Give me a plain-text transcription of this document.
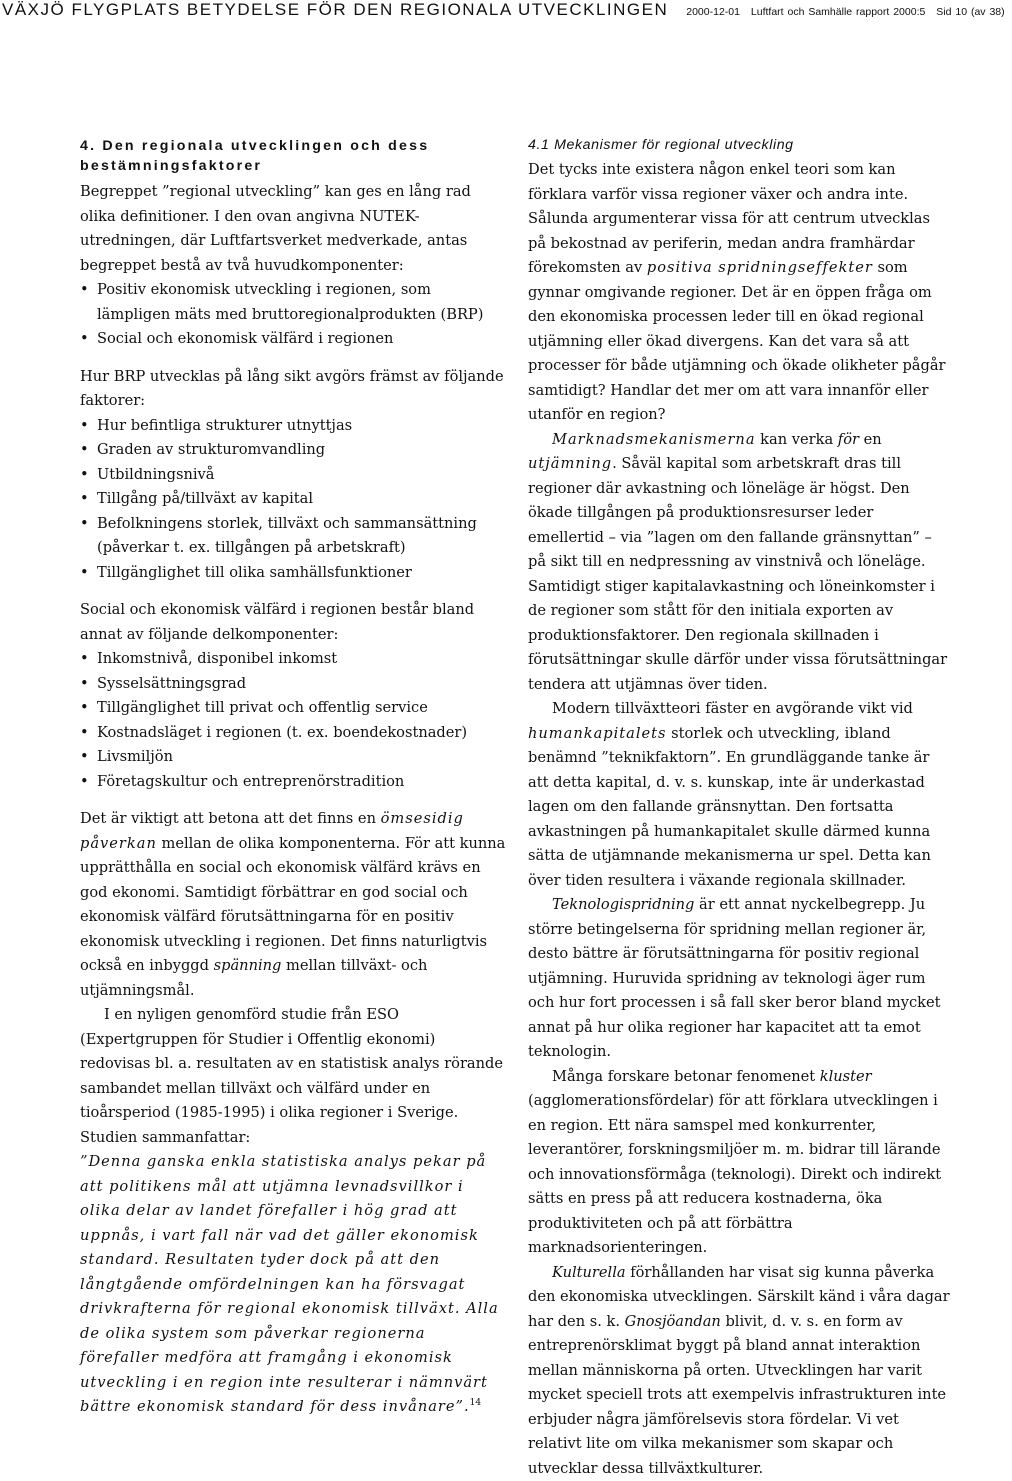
VÄXJÖ FLYGPLATS BETYDELSE FÖR DEN REGIONALA UTVECKLINGEN 2000-12-01 Luftfart och Samhälle rapport 2000:5 Sid 10 (av 38)
4. Den regionala utvecklingen och dess bestämningsfaktorer

Begreppet ”regional utveckling” kan ges en lång rad olika definitioner. I den ovan angivna NUTEK-utredningen, där Luftfartsverket medverkade, antas begreppet bestå av två huvudkomponenter:

• Positiv ekonomisk utveckling i regionen, som lämpligen mäts med bruttoregionalprodukten (BRP)
• Social och ekonomisk välfärd i regionen

Hur BRP utvecklas på lång sikt avgörs främst av följande faktorer:

• Hur befintliga strukturer utnyttjas
• Graden av strukturomvandling
• Utbildningsnivå
• Tillgång på/tillväxt av kapital
• Befolkningens storlek, tillväxt och sammansättning (påverkar t. ex. tillgången på arbetskraft)
• Tillgänglighet till olika samhällsfunktioner

Social och ekonomisk välfärd i regionen består bland annat av följande delkomponenter:

• Inkomstnivå, disponibel inkomst
• Sysselsättningsgrad
• Tillgänglighet till privat och offentlig service
• Kostnadsläget i regionen (t. ex. boendekostnader)
• Livsmiljön
• Företagskultur och entreprenörstradition

Det är viktigt att betona att det finns en ömsesidig påverkan mellan de olika komponenterna. För att kunna upprätthålla en social och ekonomisk välfärd krävs en god ekonomi. Samtidigt förbättrar en god social och ekonomisk välfärd förutsättningarna för en positiv ekonomisk utveckling i regionen. Det finns naturligtvis också en inbyggd spänning mellan tillväxt- och utjämningsmål.

I en nyligen genomförd studie från ESO (Expertgruppen för Studier i Offentlig ekonomi) redovisas bl. a. resultaten av en statistisk analys rörande sambandet mellan tillväxt och välfärd under en tioårsperiod (1985-1995) i olika regioner i Sverige. Studien sammanfattar:

”Denna ganska enkla statistiska analys pekar på att politikens mål att utjämna levnadsvillkor i olika delar av landet förefaller i hög grad att uppnås, i vart fall när vad det gäller ekonomisk standard. Resultaten tyder dock på att den långtgående omfördelningen kan ha försvagat drivkrafterna för regional ekonomisk tillväxt. Alla de olika system som påverkar regionerna förefaller medföra att framgång i ekonomisk utveckling i en region inte resulterar i nämnvärt bättre ekonomisk standard för dess invånare”.$^{14}$

4.1 Mekanismer för regional utveckling

Det tycks inte existera någon enkel teori som kan förklara varför vissa regioner växer och andra inte. Sålunda argumenterar vissa för att centrum utvecklas på bekostnad av periferin, medan andra framhärdar förekomsten av positiva spridningseffekter som gynnar omgivande regioner. Det är en öppen fråga om den ekonomiska processen leder till en ökad regional utjämning eller ökad divergens. Kan det vara så att processer för både utjämning och ökade olikheter pågår samtidigt? Handlar det mer om att vara innanför eller utanför en region?

Marknadsmekanismerna kan verka för en utjämning. Såväl kapital som arbetskraft dras till regioner där avkastning och löneläge är högst. Den ökade tillgången på produktionsresurser leder emellertid – via ”lagen om den fallande gränsnyttan” – på sikt till en nedpressning av vinstnivå och löneläge. Samtidigt stiger kapitalavkastning och löneinkomster i de regioner som stått för den initiala exporten av produktionsfaktorer. Den regionala skillnaden i förutsättningar skulle därför under vissa förutsättningar tendera att utjämnas över tiden.

Modern tillväxtteori fäster en avgörande vikt vid humankapitalets storlek och utveckling, ibland benämnd ”teknikfaktorn”. En grundläggande tanke är att detta kapital, d. v. s. kunskap, inte är underkastad lagen om den fallande gränsnyttan. Den fortsatta avkastningen på humankapitalet skulle därmed kunna sätta de utjämnande mekanismerna ur spel. Detta kan över tiden resultera i växande regionala skillnader.

Teknologispridning är ett annat nyckelbegrepp. Ju större betingelserna för spridning mellan regioner är, desto bättre är förutsättningarna för positiv regional utjämning. Huruvida spridning av teknologi äger rum och hur fort processen i så fall sker beror bland mycket annat på hur olika regioner har kapacitet att ta emot teknologin.

Många forskare betonar fenomenet kluster (agglomerationsfördelar) för att förklara utvecklingen i en region. Ett nära samspel med konkurrenter, leverantörer, forskningsmiljöer m. m. bidrar till lärande och innovationsförmåga (teknologi). Direkt och indirekt sätts en press på att reducera kostnaderna, öka produktiviteten och på att förbättra marknadsorienteringen.

Kulturella förhållanden har visat sig kunna påverka den ekonomiska utvecklingen. Särskilt känd i våra dagar har den s. k. Gnosjöandan blivit, d. v. s. en form av entreprenörsklimat byggt på bland annat interaktion mellan människorna på orten. Utvecklingen har varit mycket speciell trots att exempelvis infrastrukturen inte erbjuder några jämförelsevis stora fördelar. Vi vet relativt lite om vilka mekanismer som skapar och utvecklar dessa tillväxtkulturer.
